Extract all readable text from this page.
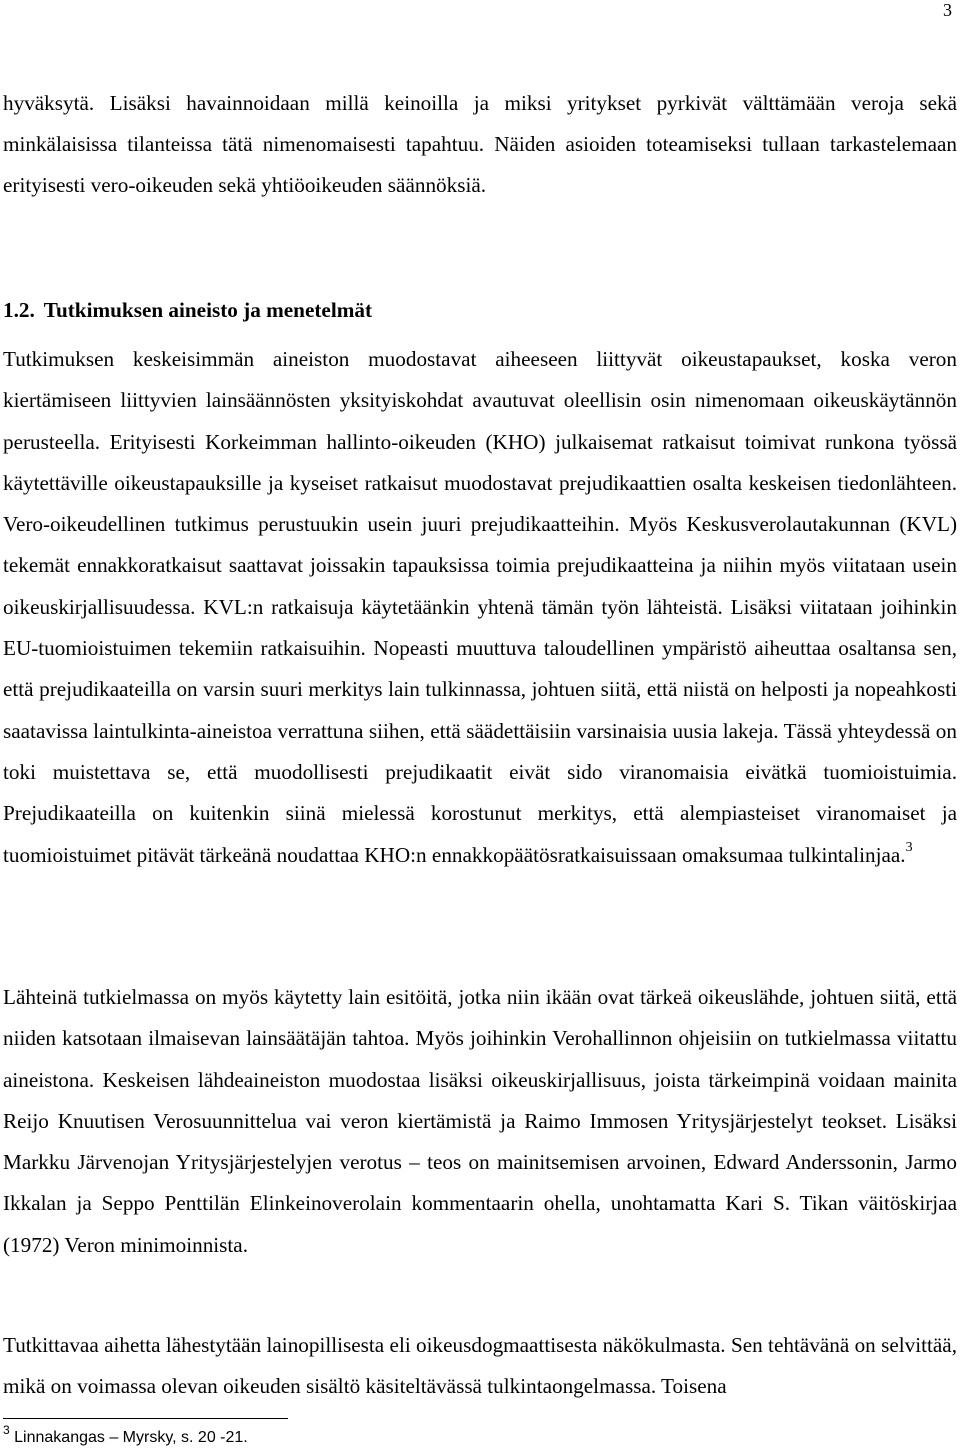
3

hyväksytä. Lisäksi havainnoidaan millä keinoilla ja miksi yritykset pyrkivät välttämään veroja sekä minkälaisissa tilanteissa tätä nimenomaisesti tapahtuu. Näiden asioiden toteamiseksi tullaan tarkastelemaan erityisesti vero-oikeuden sekä yhtiöoikeuden säännöksiä.

1.2. Tutkimuksen aineisto ja menetelmät

Tutkimuksen keskeisimmän aineiston muodostavat aiheeseen liittyvät oikeustapaukset, koska veron kiertämiseen liittyvien lainsäännösten yksityiskohdat avautuvat oleellisin osin nimenomaan oikeuskäytännön perusteella. Erityisesti Korkeimman hallinto-oikeuden (KHO) julkaisemat ratkaisut toimivat runkona työssä käytettäville oikeustapauksille ja kyseiset ratkaisut muodostavat prejudikaattien osalta keskeisen tiedonlähteen. Vero-oikeudellinen tutkimus perustuukin usein juuri prejudikaatteihin. Myös Keskusverolautakunnan (KVL) tekemät ennakkoratkaisut saattavat joissakin tapauksissa toimia prejudikaatteina ja niihin myös viitataan usein oikeuskirjallisuudessa. KVL:n ratkaisuja käytetäänkin yhtenä tämän työn lähteistä. Lisäksi viitataan joihinkin EU-tuomioistuimen tekemiin ratkaisuihin. Nopeasti muuttuva taloudellinen ympäristö aiheuttaa osaltansa sen, että prejudikaateilla on varsin suuri merkitys lain tulkinnassa, johtuen siitä, että niistä on helposti ja nopeahkosti saatavissa laintulkinta-aineistoa verrattuna siihen, että säädettäisiin varsinaisia uusia lakeja. Tässä yhteydessä on toki muistettava se, että muodollisesti prejudikaatit eivät sido viranomaisia eivätkä tuomioistuimia. Prejudikaateilla on kuitenkin siinä mielessä korostunut merkitys, että alempiasteiset viranomaiset ja tuomioistuimet pitävät tärkeänä noudattaa KHO:n ennakkopäätösratkaisuissaan omaksumaa tulkintalinjaa.$^3$

Lähteinä tutkielmassa on myös käytetty lain esitöitä, jotka niin ikään ovat tärkeä oikeuslähde, johtuen siitä, että niiden katsotaan ilmaisevan lainsäätäjän tahtoa. Myös joihinkin Verohallinnon ohjeisiin on tutkielmassa viitattu aineistona. Keskeisen lähdeaineiston muodostaa lisäksi oikeuskirjallisuus, joista tärkeimpinä voidaan mainita Reijo Knuutisen Verosuunnittelua vai veron kiertämistä ja Raimo Immosen Yritysjärjestelyt teokset. Lisäksi Markku Järvenojan Yritysjärjestelyjen verotus – teos on mainitsemisen arvoinen, Edward Anderssonin, Jarmo Ikkalan ja Seppo Penttilän Elinkeinoverolain kommentaarin ohella, unohtamatta Kari S. Tikan väitöskirjaa (1972) Veron minimoinnista.

Tutkittavaa aihetta lähestytään lainopillisesta eli oikeusdogmaattisesta näkökulmasta. Sen tehtävänä on selvittää, mikä on voimassa olevan oikeuden sisältö käsiteltävässä tulkintaongelmassa. Toisena

$^3$ Linnakangas – Myrsky, s. 20 -21.
